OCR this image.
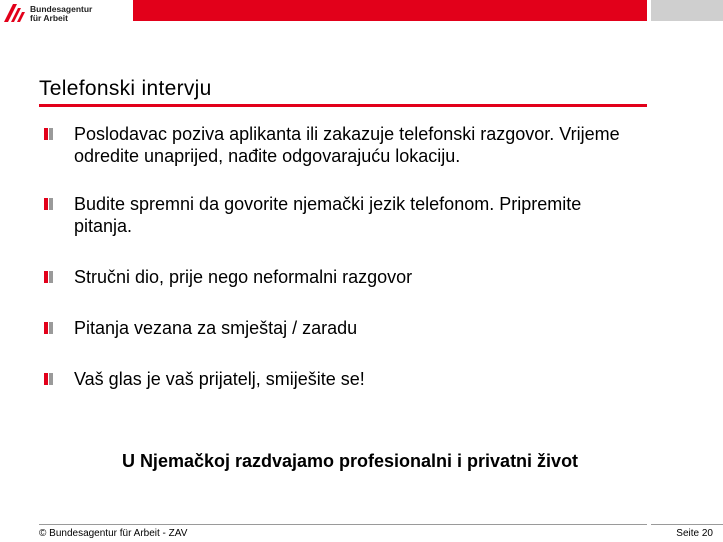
Bundesagentur
für Arbeit
Telefonski intervju
Poslodavac poziva aplikanta ili zakazuje telefonski razgovor. Vrijeme odredite unaprijed, nađite odgovarajuću lokaciju.
Budite spremni da govorite njemački jezik telefonom. Pripremite pitanja.
Stručni dio, prije nego neformalni razgovor
Pitanja vezana za smještaj / zaradu
Vaš glas je vaš prijatelj, smiješite se!
U Njemačkoj razdvajamo profesionalni i privatni život
© Bundesagentur für Arbeit - ZAV	Seite 20
